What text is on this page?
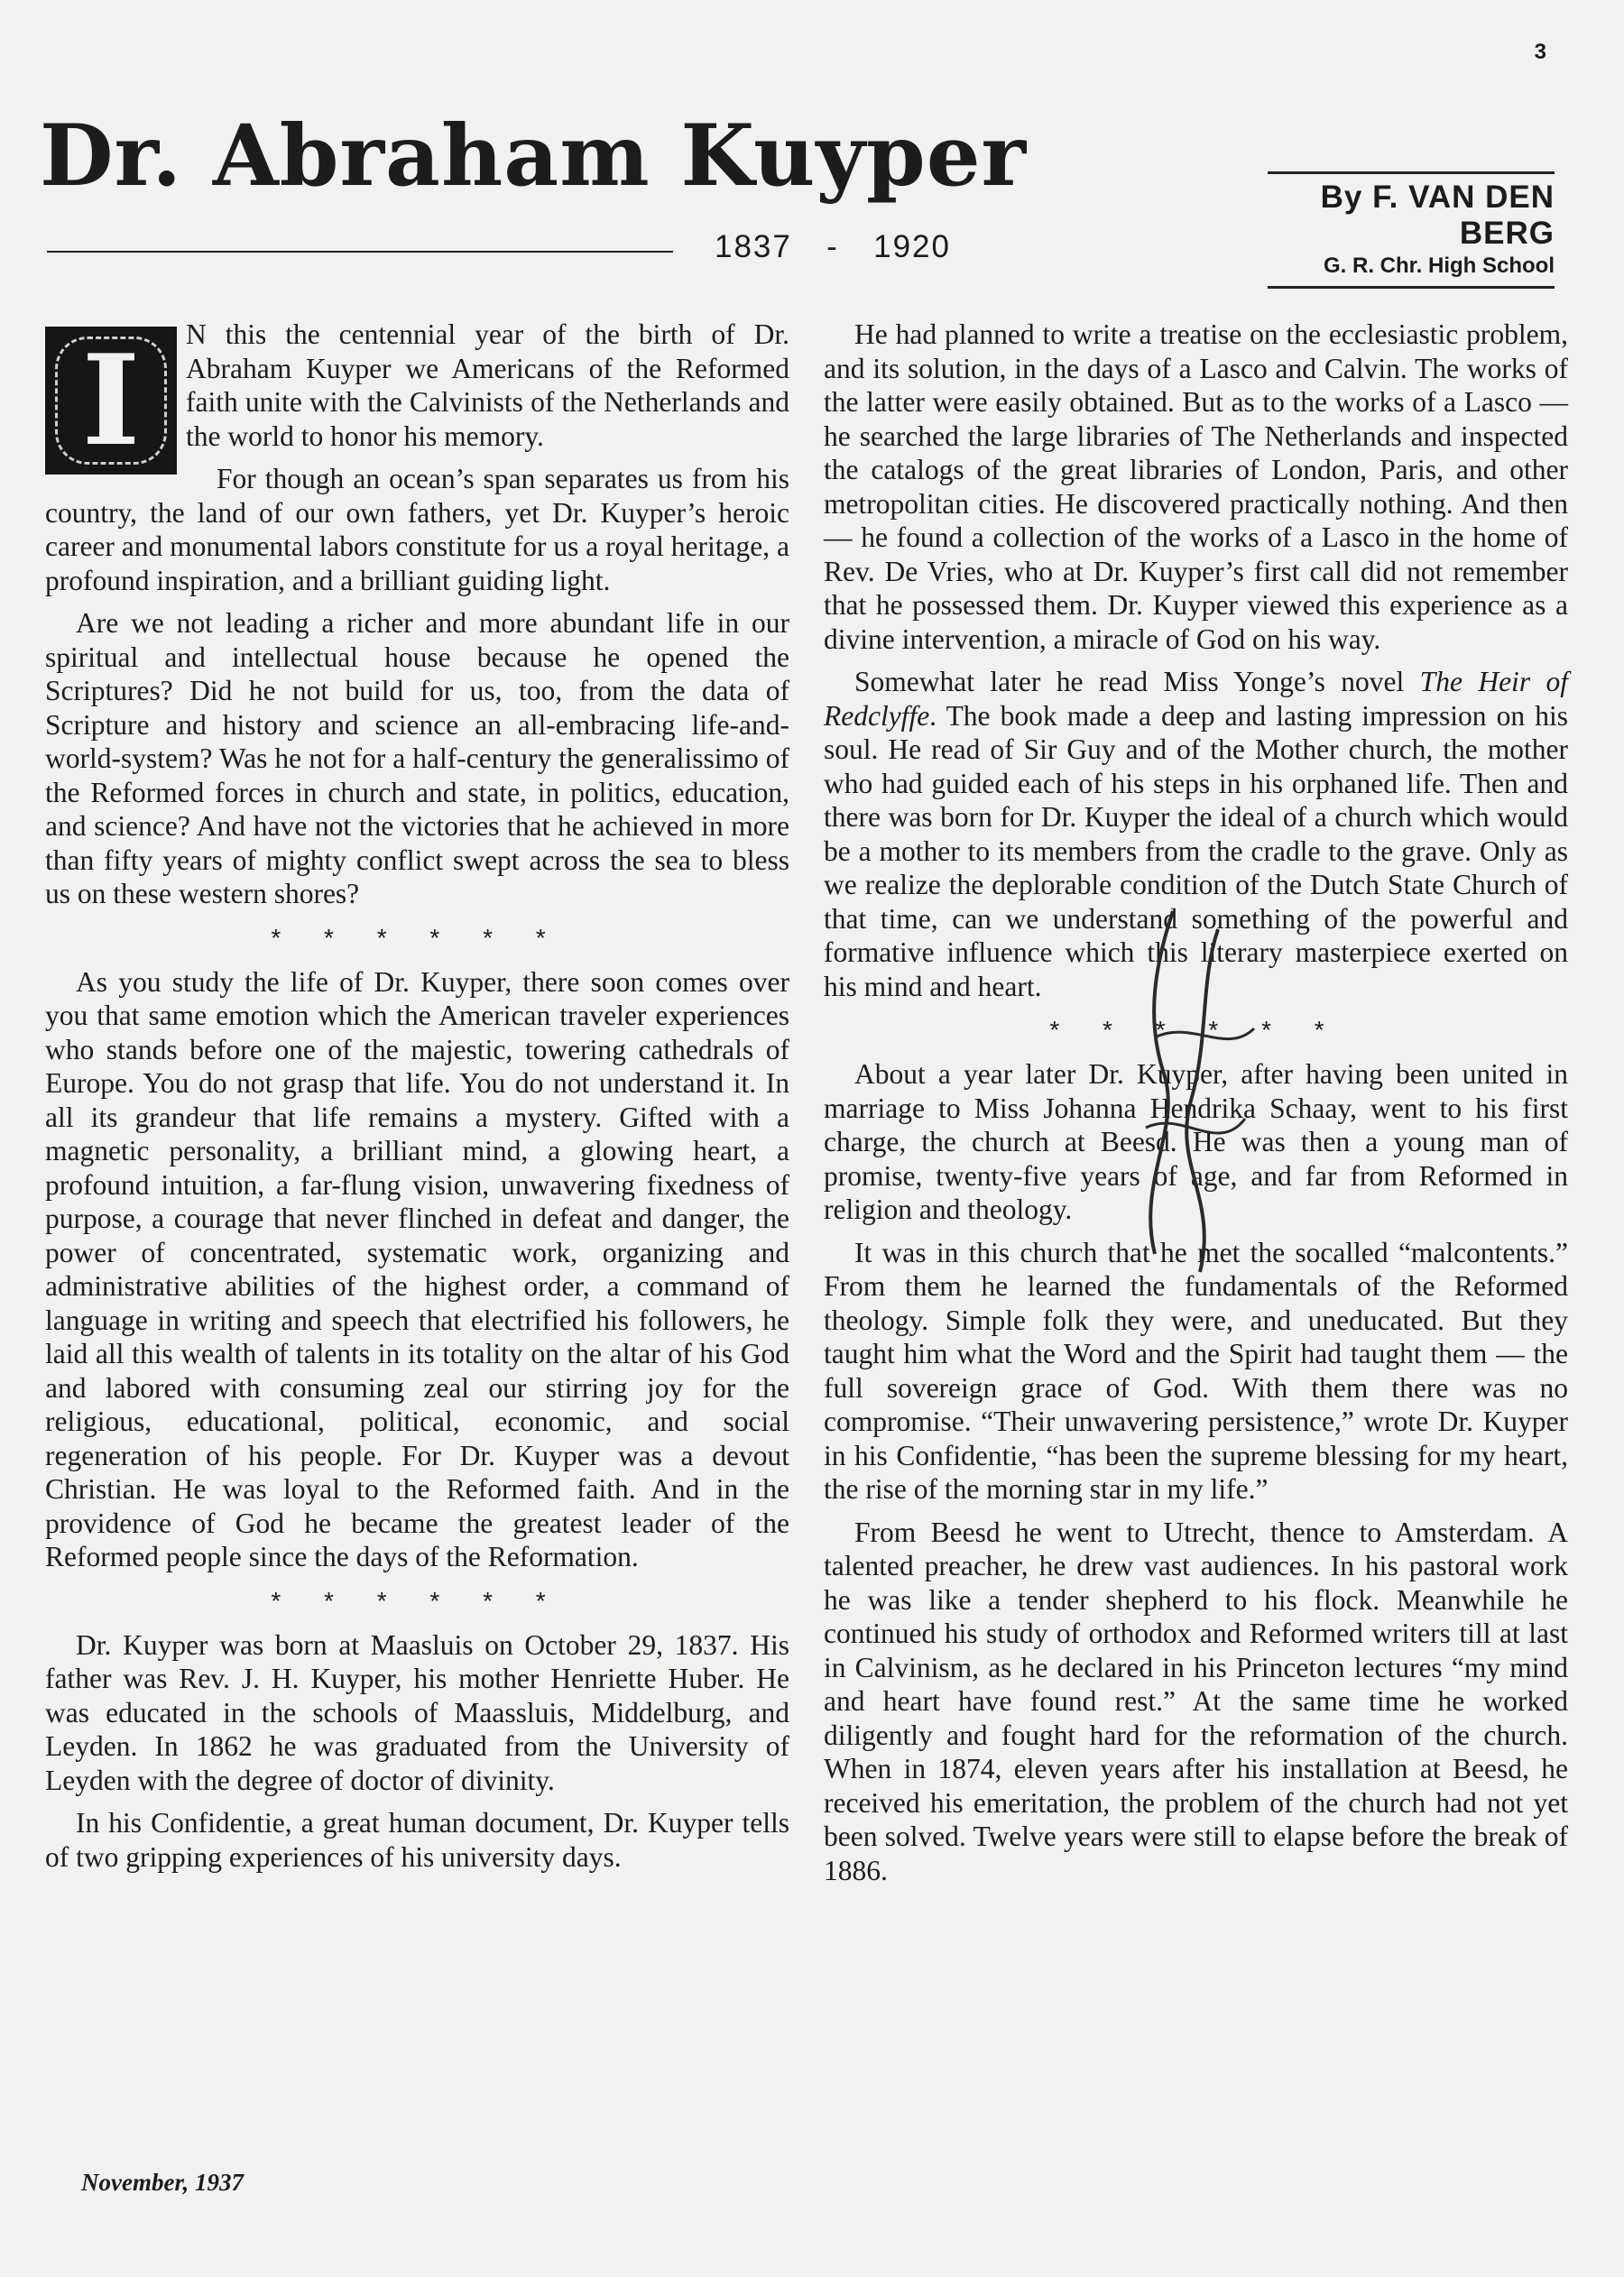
3
Dr. Abraham Kuyper
1837 - 1920
By F. VAN DEN BERG
G. R. Chr. High School

I	N this the centennial year of the birth of Dr. Abraham Kuyper we Americans of the Reformed faith unite with the Calvinists of the Netherlands and the world to honor his memory.

For though an ocean’s span separates us from his country, the land of our own fathers, yet Dr. Kuyper’s heroic career and monumental labors constitute for us a royal heritage, a profound inspiration, and a brilliant guiding light.

Are we not leading a richer and more abundant life in our spiritual and intellectual house because he opened the Scriptures? Did he not build for us, too, from the data of Scripture and history and science an all-embracing life-and-world-system? Was he not for a half-century the generalissimo of the Reformed forces in church and state, in politics, education, and science? And have not the victories that he achieved in more than fifty years of mighty conflict swept across the sea to bless us on these western shores?

* * * * * *

As you study the life of Dr. Kuyper, there soon comes over you that same emotion which the American traveler experiences who stands before one of the majestic, towering cathedrals of Europe. You do not grasp that life. You do not understand it. In all its grandeur that life remains a mystery. Gifted with a magnetic personality, a brilliant mind, a glowing heart, a profound intuition, a far-flung vision, unwavering fixedness of purpose, a courage that never flinched in defeat and danger, the power of concentrated, systematic work, organizing and administrative abilities of the highest order, a command of language in writing and speech that electrified his followers, he laid all this wealth of talents in its totality on the altar of his God and labored with consuming zeal our stirring joy for the religious, educational, political, economic, and social regeneration of his people. For Dr. Kuyper was a devout Christian. He was loyal to the Reformed faith. And in the providence of God he became the greatest leader of the Reformed people since the days of the Reformation.

* * * * * *

Dr. Kuyper was born at Maasluis on October 29, 1837. His father was Rev. J. H. Kuyper, his mother Henriette Huber. He was educated in the schools of Maassluis, Middelburg, and Leyden. In 1862 he was graduated from the University of Leyden with the degree of doctor of divinity.

In his Confidentie, a great human document, Dr. Kuyper tells of two gripping experiences of his university days.

He had planned to write a treatise on the ecclesiastic problem, and its solution, in the days of a Lasco and Calvin. The works of the latter were easily obtained. But as to the works of a Lasco — he searched the large libraries of The Netherlands and inspected the catalogs of the great libraries of London, Paris, and other metropolitan cities. He discovered practically nothing. And then — he found a collection of the works of a Lasco in the home of Rev. De Vries, who at Dr. Kuyper’s first call did not remember that he possessed them. Dr. Kuyper viewed this experience as a divine intervention, a miracle of God on his way.

Somewhat later he read Miss Yonge’s novel The Heir of Redclyffe. The book made a deep and lasting impression on his soul. He read of Sir Guy and of the Mother church, the mother who had guided each of his steps in his orphaned life. Then and there was born for Dr. Kuyper the ideal of a church which would be a mother to its members from the cradle to the grave. Only as we realize the deplorable condition of the Dutch State Church of that time, can we understand something of the powerful and formative influence which this literary masterpiece exerted on his mind and heart.

* * * * * *

About a year later Dr. Kuyper, after having been united in marriage to Miss Johanna Hendrika Schaay, went to his first charge, the church at Beesd. He was then a young man of promise, twenty-five years of age, and far from Reformed in religion and theology.

It was in this church that he met the socalled “malcontents.” From them he learned the fundamentals of the Reformed theology. Simple folk they were, and uneducated. But they taught him what the Word and the Spirit had taught them — the full sovereign grace of God. With them there was no compromise. “Their unwavering persistence,” wrote Dr. Kuyper in his Confidentie, “has been the supreme blessing for my heart, the rise of the morning star in my life.”

From Beesd he went to Utrecht, thence to Amsterdam. A talented preacher, he drew vast audiences. In his pastoral work he was like a tender shepherd to his flock. Meanwhile he continued his study of orthodox and Reformed writers till at last in Calvinism, as he declared in his Princeton lectures “my mind and heart have found rest.” At the same time he worked diligently and fought hard for the reformation of the church. When in 1874, eleven years after his installation at Beesd, he received his emeritation, the problem of the church had not yet been solved. Twelve years were still to elapse before the break of 1886.

November, 1937
